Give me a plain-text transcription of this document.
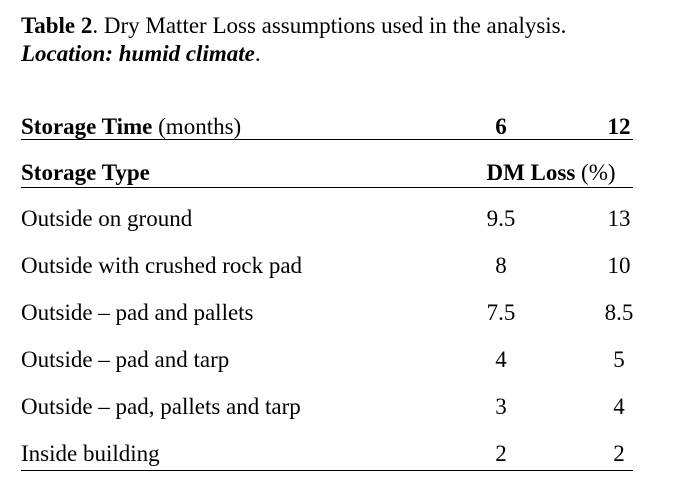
Table 2. Dry Matter Loss assumptions used in the analysis.
Location: humid climate.
Storage Time (months)	6	12
Storage Type	DM Loss (%)
Outside on ground	9.5	13
Outside with crushed rock pad	8	10
Outside – pad and pallets	7.5	8.5
Outside – pad and tarp	4	5
Outside – pad, pallets and tarp	3	4
Inside building	2	2
